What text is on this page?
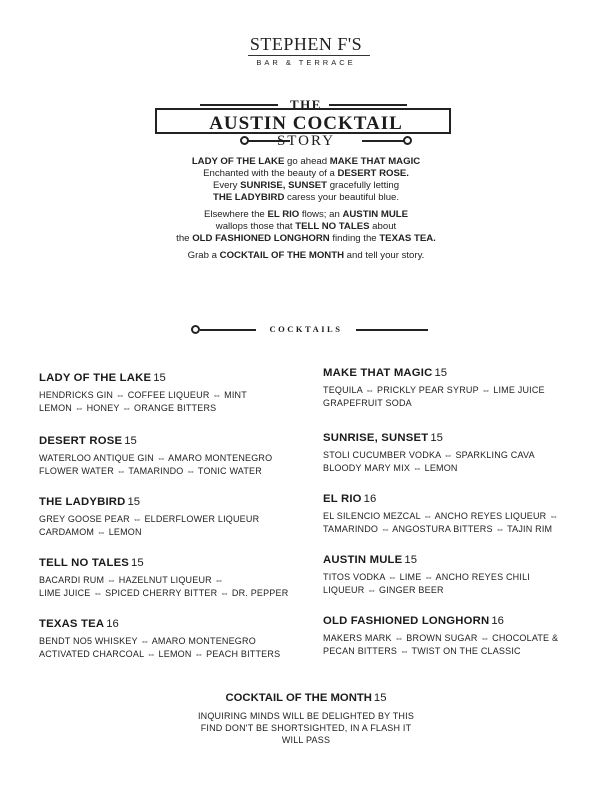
STEPHEN F'S
BAR & TERRACE
THE
AUSTIN COCKTAIL
STORY

LADY OF THE LAKE go ahead MAKE THAT MAGIC

Enchanted with the beauty of a DESERT ROSE.

Every SUNRISE, SUNSET gracefully letting

THE LADYBIRD caress your beautiful blue.

Elsewhere the EL RIO flows; an AUSTIN MULE

wallops those that TELL NO TALES about

the OLD FASHIONED LONGHORN finding the TEXAS TEA.

Grab a COCKTAIL OF THE MONTH and tell your story.

COCKTAILS
LADY OF THE LAKE 15
HENDRICKS GIN ⇔ COFFEE LIQUEUR ⇔ MINT
LEMON ⇔ HONEY ⇔ ORANGE BITTERS
DESERT ROSE 15
WATERLOO ANTIQUE GIN ⇔ AMARO MONTENEGRO
FLOWER WATER ⇔ TAMARINDO ⇔ TONIC WATER
THE LADYBIRD 15
GREY GOOSE PEAR ⇔ ELDERFLOWER LIQUEUR
CARDAMOM ⇔ LEMON
TELL NO TALES 15
BACARDI RUM ⇔ HAZELNUT LIQUEUR ⇔
LIME JUICE ⇔ SPICED CHERRY BITTER ⇔ DR. PEPPER
TEXAS TEA 16
BENDT NO5 WHISKEY ⇔ AMARO MONTENEGRO
ACTIVATED CHARCOAL ⇔ LEMON ⇔ PEACH BITTERS
MAKE THAT MAGIC 15
TEQUILA ⇔ PRICKLY PEAR SYRUP ⇔ LIME JUICE
GRAPEFRUIT SODA
SUNRISE, SUNSET 15
STOLI CUCUMBER VODKA ⇔ SPARKLING CAVA
BLOODY MARY MIX ⇔ LEMON
EL RIO 16
EL SILENCIO MEZCAL ⇔ ANCHO REYES LIQUEUR ⇔
TAMARINDO ⇔ ANGOSTURA BITTERS ⇔ TAJIN RIM
AUSTIN MULE 15
TITOS VODKA ⇔ LIME ⇔ ANCHO REYES CHILI
LIQUEUR ⇔ GINGER BEER
OLD FASHIONED LONGHORN 16
MAKERS MARK ⇔ BROWN SUGAR ⇔ CHOCOLATE &
PECAN BITTERS ⇔ TWIST ON THE CLASSIC
COCKTAIL OF THE MONTH 15
INQUIRING MINDS WILL BE DELIGHTED BY THIS
FIND DON'T BE SHORTSIGHTED, IN A FLASH IT
WILL PASS
